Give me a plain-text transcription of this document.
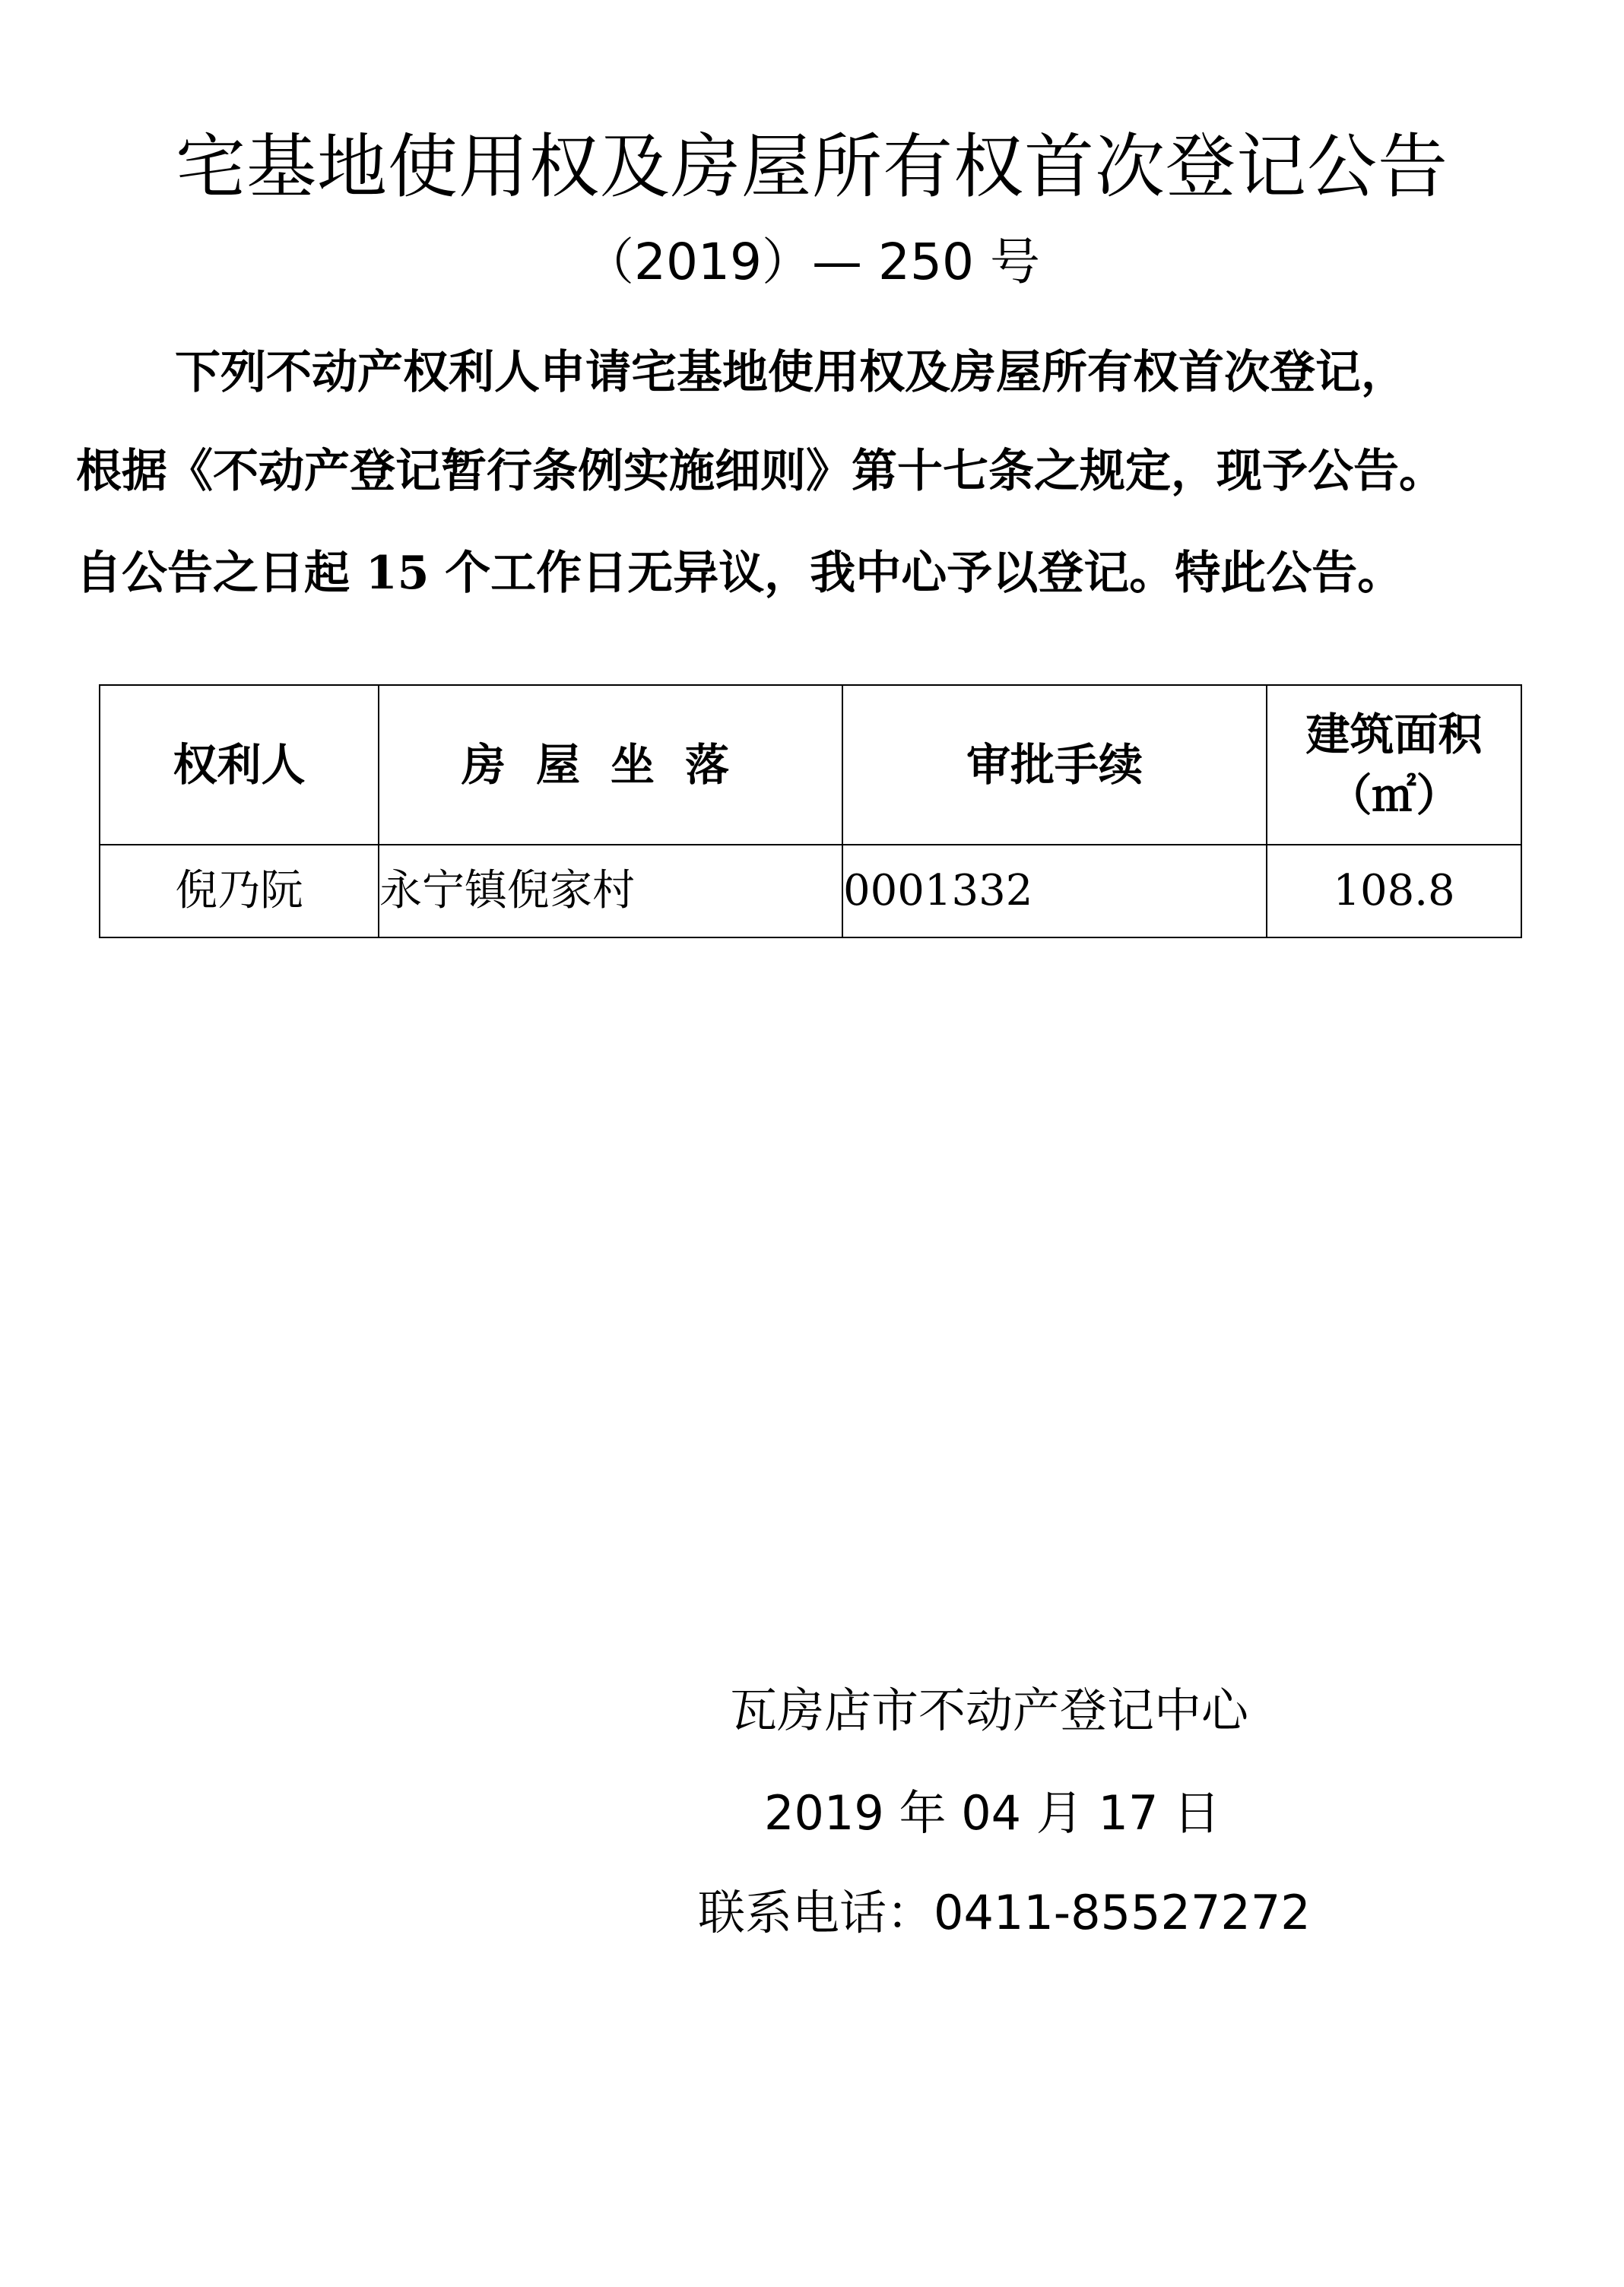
宅基地使用权及房屋所有权首次登记公告
（2019）— 250 号
下列不动产权利人申请宅基地使用权及房屋所有权首次登记，
根据《不动产登记暂行条例实施细则》第十七条之规定，现予公告。
自公告之日起 15 个工作日无异议，我中心予以登记。特此公告。
权利人	房屋坐落	审批手续	建筑面积
（㎡）

倪乃阮	永宁镇倪家村	0001332	108.8
瓦房店市不动产登记中心
2019 年 04 月 17 日
联系电话：0411-85527272
